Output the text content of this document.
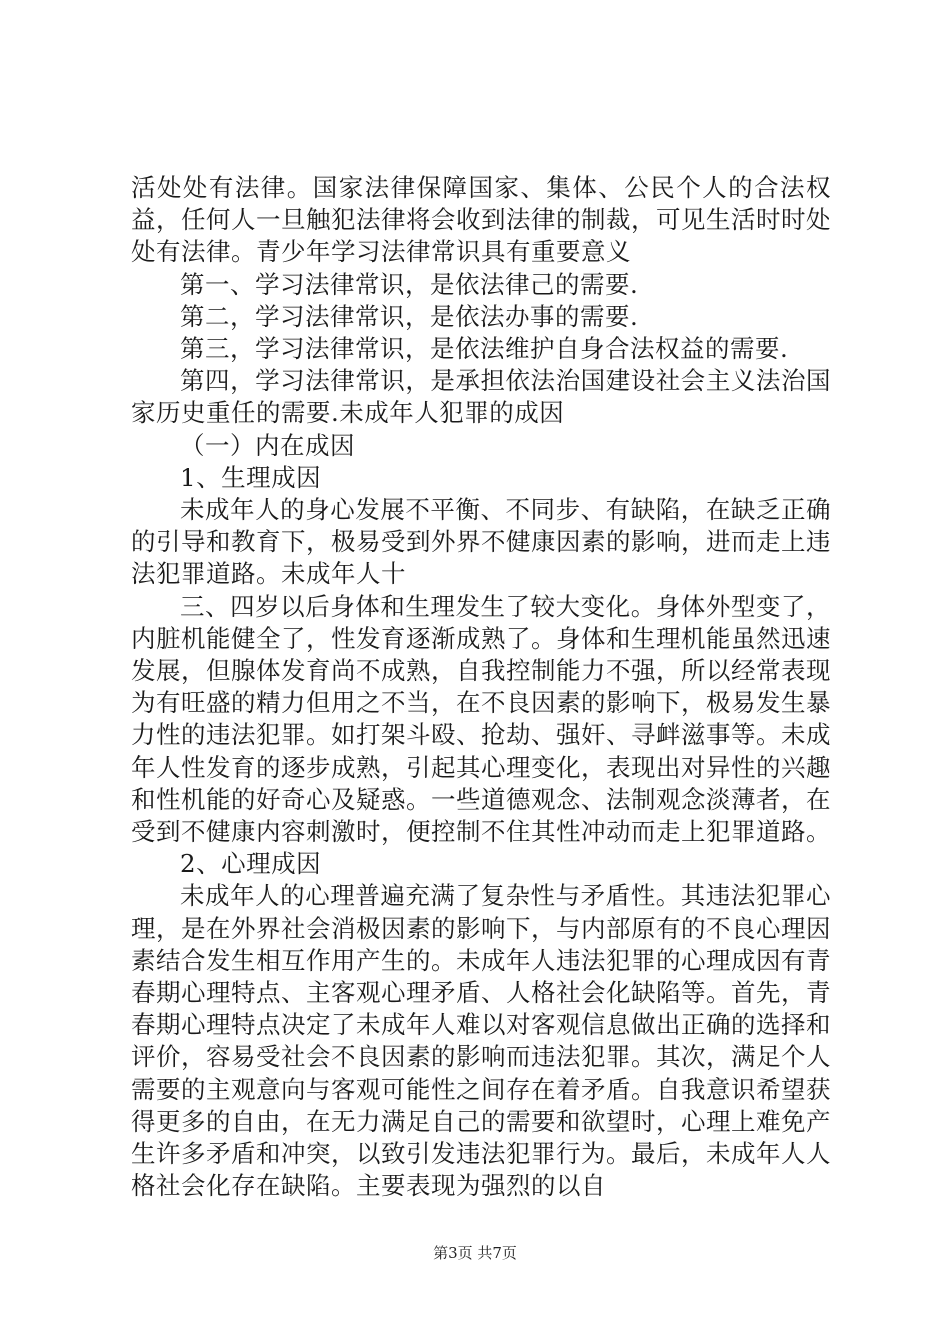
活处处有法律。国家法律保障国家、集体、公民个人的合法权益，任何人一旦触犯法律将会收到法律的制裁，可见生活时时处处有法律。青少年学习法律常识具有重要意义

第一、学习法律常识，是依法律己的需要.

第二，学习法律常识，是依法办事的需要.

第三，学习法律常识，是依法维护自身合法权益的需要.

第四，学习法律常识，是承担依法治国建设社会主义法治国家历史重任的需要.未成年人犯罪的成因

（一）内在成因

1、生理成因

未成年人的身心发展不平衡、不同步、有缺陷，在缺乏正确的引导和教育下，极易受到外界不健康因素的影响，进而走上违法犯罪道路。未成年人十

三、四岁以后身体和生理发生了较大变化。身体外型变了，内脏机能健全了，性发育逐渐成熟了。身体和生理机能虽然迅速发展，但腺体发育尚不成熟，自我控制能力不强，所以经常表现为有旺盛的精力但用之不当，在不良因素的影响下，极易发生暴力性的违法犯罪。如打架斗殴、抢劫、强奸、寻衅滋事等。未成年人性发育的逐步成熟，引起其心理变化，表现出对异性的兴趣和性机能的好奇心及疑惑。一些道德观念、法制观念淡薄者，在受到不健康内容刺激时，便控制不住其性冲动而走上犯罪道路。

2、心理成因

未成年人的心理普遍充满了复杂性与矛盾性。其违法犯罪心理，是在外界社会消极因素的影响下，与内部原有的不良心理因素结合发生相互作用产生的。未成年人违法犯罪的心理成因有青春期心理特点、主客观心理矛盾、人格社会化缺陷等。首先，青春期心理特点决定了未成年人难以对客观信息做出正确的选择和评价，容易受社会不良因素的影响而违法犯罪。其次，满足个人需要的主观意向与客观可能性之间存在着矛盾。自我意识希望获得更多的自由，在无力满足自己的需要和欲望时，心理上难免产生许多矛盾和冲突，以致引发违法犯罪行为。最后，未成年人人格社会化存在缺陷。主要表现为强烈的以自

第3页 共7页
